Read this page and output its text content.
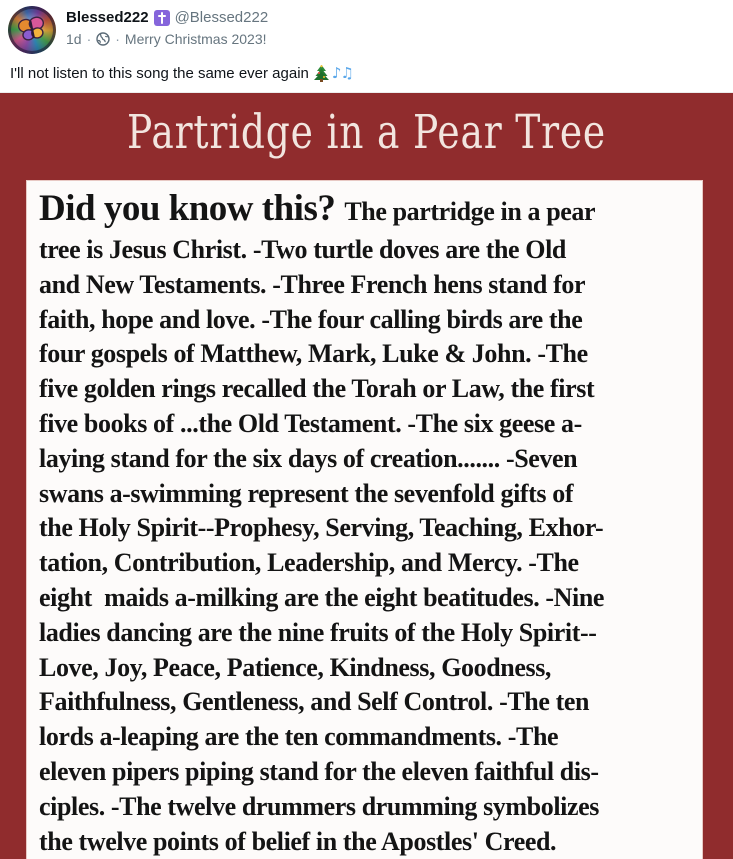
Blessed222 @Blessed222
1d · · Merry Christmas 2023!
I'll not listen to this song the same ever again ♪♫
Partridge in a Pear Tree
Did you know this? The partridge in a pear
tree is Jesus Christ. -Two turtle doves are the Old
and New Testaments. -Three French hens stand for
faith, hope and love. -The four calling birds are the
four gospels of Matthew, Mark, Luke & John. -The
five golden rings recalled the Torah or Law, the first
five books of ...the Old Testament. -The six geese a-
laying stand for the six days of creation....... -Seven
swans a-swimming represent the sevenfold gifts of
the Holy Spirit--Prophesy, Serving, Teaching, Exhor-
tation, Contribution, Leadership, and Mercy. -The
eight  maids a-milking are the eight beatitudes. -Nine
ladies dancing are the nine fruits of the Holy Spirit--
Love, Joy, Peace, Patience, Kindness, Goodness,
Faithfulness, Gentleness, and Self Control. -The ten
lords a-leaping are the ten commandments. -The
eleven pipers piping stand for the eleven faithful dis-
ciples. -The twelve drummers drumming symbolizes
the twelve points of belief in the Apostles' Creed.
